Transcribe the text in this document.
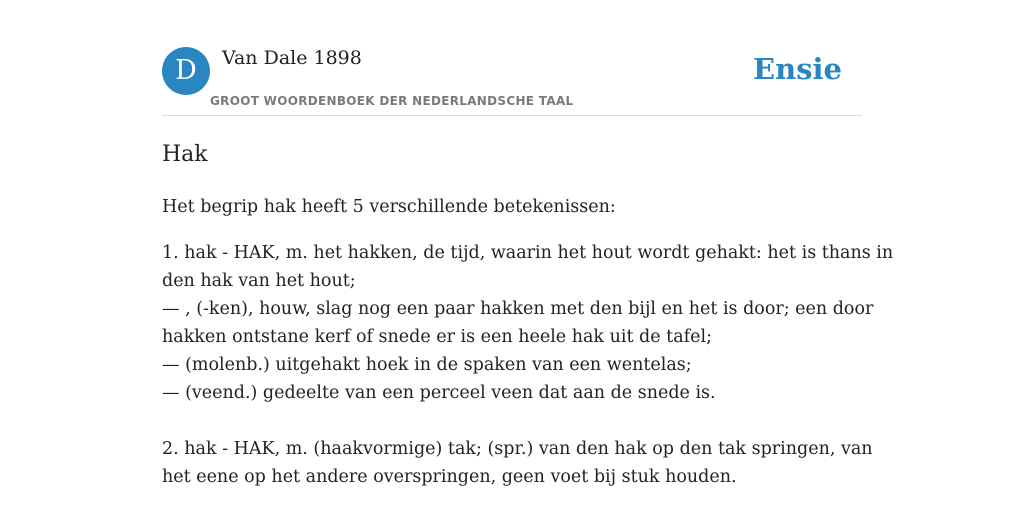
D	Van Dale 1898
GROOT WOORDENBOEK DER NEDERLANDSCHE TAAL
Ensie
Hak
Het begrip hak heeft 5 verschillende betekenissen:
1. hak - HAK, m. het hakken, de tijd, waarin het hout wordt gehakt: het is thans in
den hak van het hout;
— , (-ken), houw, slag nog een paar hakken met den bijl en het is door; een door
hakken ontstane kerf of snede er is een heele hak uit de tafel;
— (molenb.) uitgehakt hoek in de spaken van een wentelas;
— (veend.) gedeelte van een perceel veen dat aan de snede is.
2. hak - HAK, m. (haakvormige) tak; (spr.) van den hak op den tak springen, van
het eene op het andere overspringen, geen voet bij stuk houden.
